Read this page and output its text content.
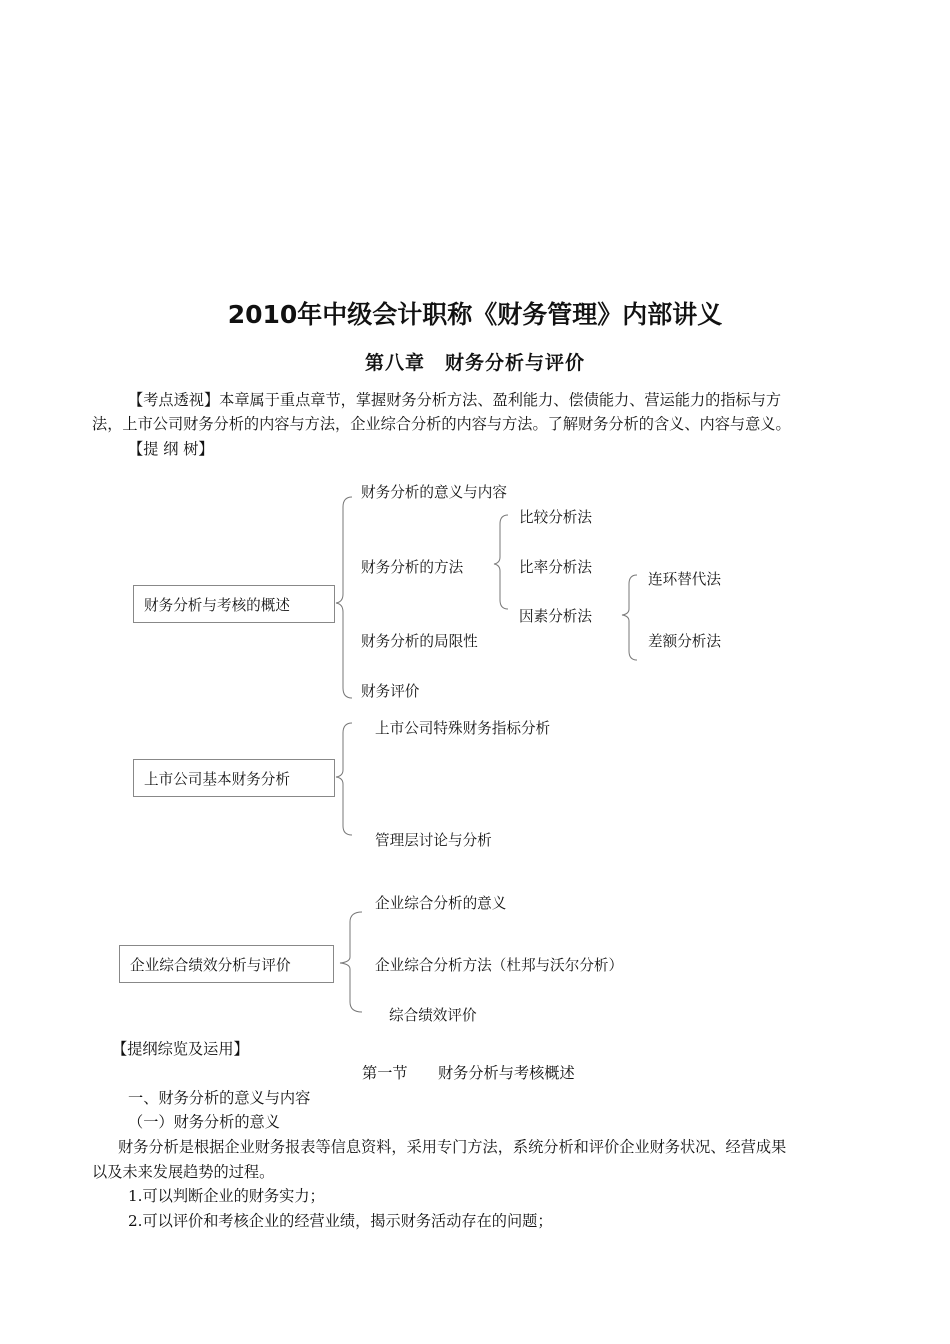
2010年中级会计职称《财务管理》内部讲义
第八章　财务分析与评价
【考点透视】本章属于重点章节，掌握财务分析方法、盈利能力、偿债能力、营运能力的指标与方
法，上市公司财务分析的内容与方法，企业综合分析的内容与方法。了解财务分析的含义、内容与意义。
【提 纲 树】
财务分析与考核的概述
财务分析的意义与内容
财务分析的方法
财务分析的局限性
财务评价
比较分析法
比率分析法
因素分析法
连环替代法
差额分析法
上市公司基本财务分析
上市公司特殊财务指标分析
管理层讨论与分析
企业综合绩效分析与评价
企业综合分析的意义
企业综合分析方法（杜邦与沃尔分析）
综合绩效评价
【提纲综览及运用】
第一节　　财务分析与考核概述
一、财务分析的意义与内容
（一）财务分析的意义
财务分析是根据企业财务报表等信息资料，采用专门方法，系统分析和评价企业财务状况、经营成果
以及未来发展趋势的过程。
1.可以判断企业的财务实力；
2.可以评价和考核企业的经营业绩，揭示财务活动存在的问题；
